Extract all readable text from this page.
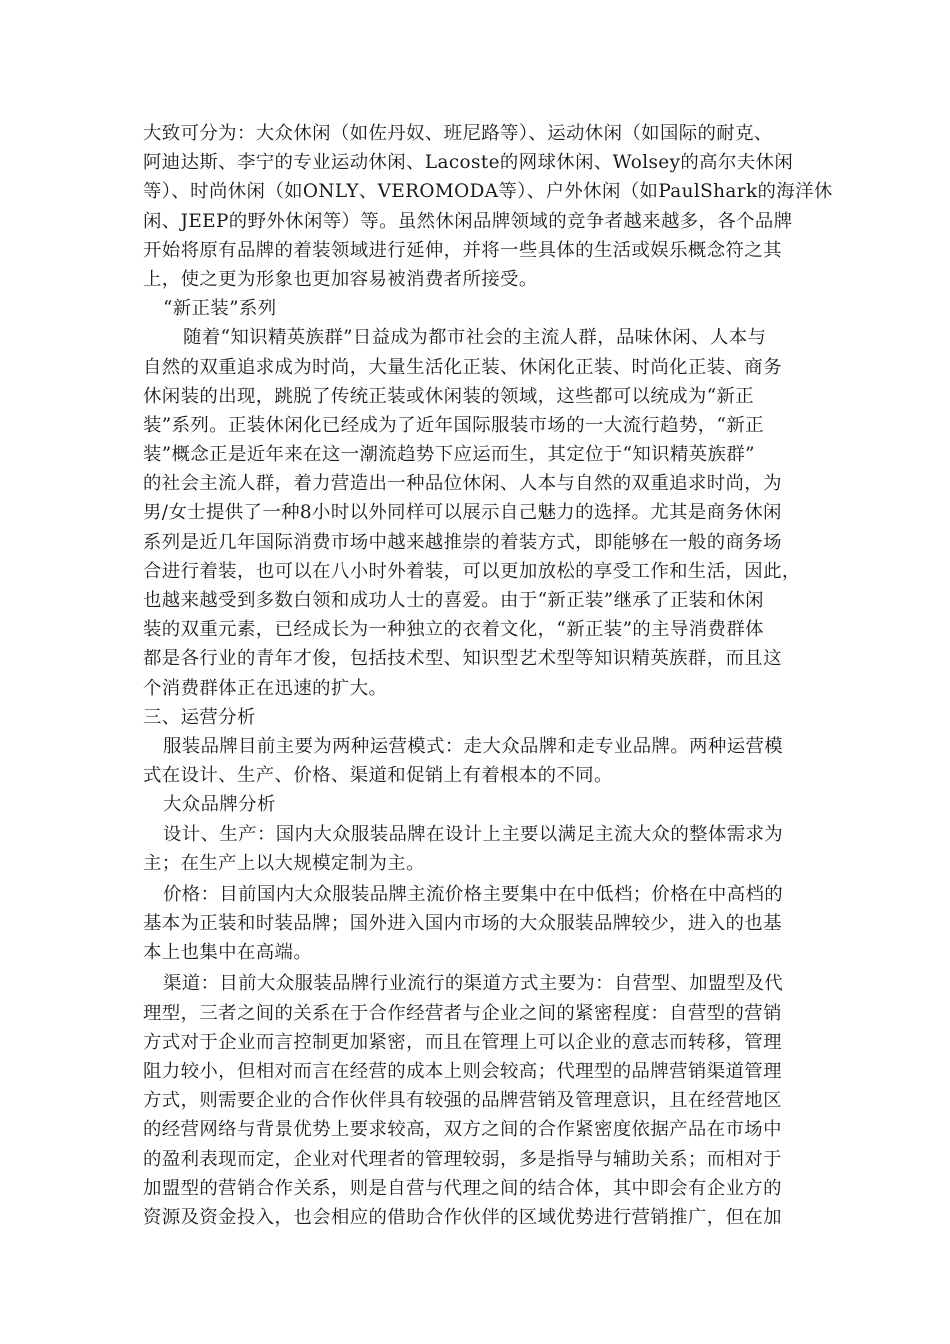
大致可分为：大众休闲（如佐丹奴、班尼路等）、运动休闲（如国际的耐克、
阿迪达斯、李宁的专业运动休闲、Lacoste的网球休闲、Wolsey的高尔夫休闲
等）、时尚休闲（如ONLY、VEROMODA等）、户外休闲（如PaulShark的海洋休
闲、JEEP的野外休闲等）等。虽然休闲品牌领域的竞争者越来越多，各个品牌
开始将原有品牌的着装领域进行延伸，并将一些具体的生活或娱乐概念符之其
上，使之更为形象也更加容易被消费者所接受。
“新正装”系列
随着“知识精英族群”日益成为都市社会的主流人群，品味休闲、人本与
自然的双重追求成为时尚，大量生活化正装、休闲化正装、时尚化正装、商务
休闲装的出现，跳脱了传统正装或休闲装的领域，这些都可以统成为“新正
装”系列。正装休闲化已经成为了近年国际服装市场的一大流行趋势，“新正
装”概念正是近年来在这一潮流趋势下应运而生，其定位于“知识精英族群”
的社会主流人群，着力营造出一种品位休闲、人本与自然的双重追求时尚，为
男/女士提供了一种8小时以外同样可以展示自己魅力的选择。尤其是商务休闲
系列是近几年国际消费市场中越来越推崇的着装方式，即能够在一般的商务场
合进行着装，也可以在八小时外着装，可以更加放松的享受工作和生活，因此，
也越来越受到多数白领和成功人士的喜爱。由于“新正装”继承了正装和休闲
装的双重元素，已经成长为一种独立的衣着文化，“新正装”的主导消费群体
都是各行业的青年才俊，包括技术型、知识型艺术型等知识精英族群，而且这
个消费群体正在迅速的扩大。
三、运营分析
服装品牌目前主要为两种运营模式：走大众品牌和走专业品牌。两种运营模
式在设计、生产、价格、渠道和促销上有着根本的不同。
大众品牌分析
设计、生产：国内大众服装品牌在设计上主要以满足主流大众的整体需求为
主；在生产上以大规模定制为主。
价格：目前国内大众服装品牌主流价格主要集中在中低档；价格在中高档的
基本为正装和时装品牌；国外进入国内市场的大众服装品牌较少，进入的也基
本上也集中在高端。
渠道：目前大众服装品牌行业流行的渠道方式主要为：自营型、加盟型及代
理型，三者之间的关系在于合作经营者与企业之间的紧密程度：自营型的营销
方式对于企业而言控制更加紧密，而且在管理上可以企业的意志而转移，管理
阻力较小，但相对而言在经营的成本上则会较高；代理型的品牌营销渠道管理
方式，则需要企业的合作伙伴具有较强的品牌营销及管理意识，且在经营地区
的经营网络与背景优势上要求较高，双方之间的合作紧密度依据产品在市场中
的盈利表现而定，企业对代理者的管理较弱，多是指导与辅助关系；而相对于
加盟型的营销合作关系，则是自营与代理之间的结合体，其中即会有企业方的
资源及资金投入，也会相应的借助合作伙伴的区域优势进行营销推广，但在加
